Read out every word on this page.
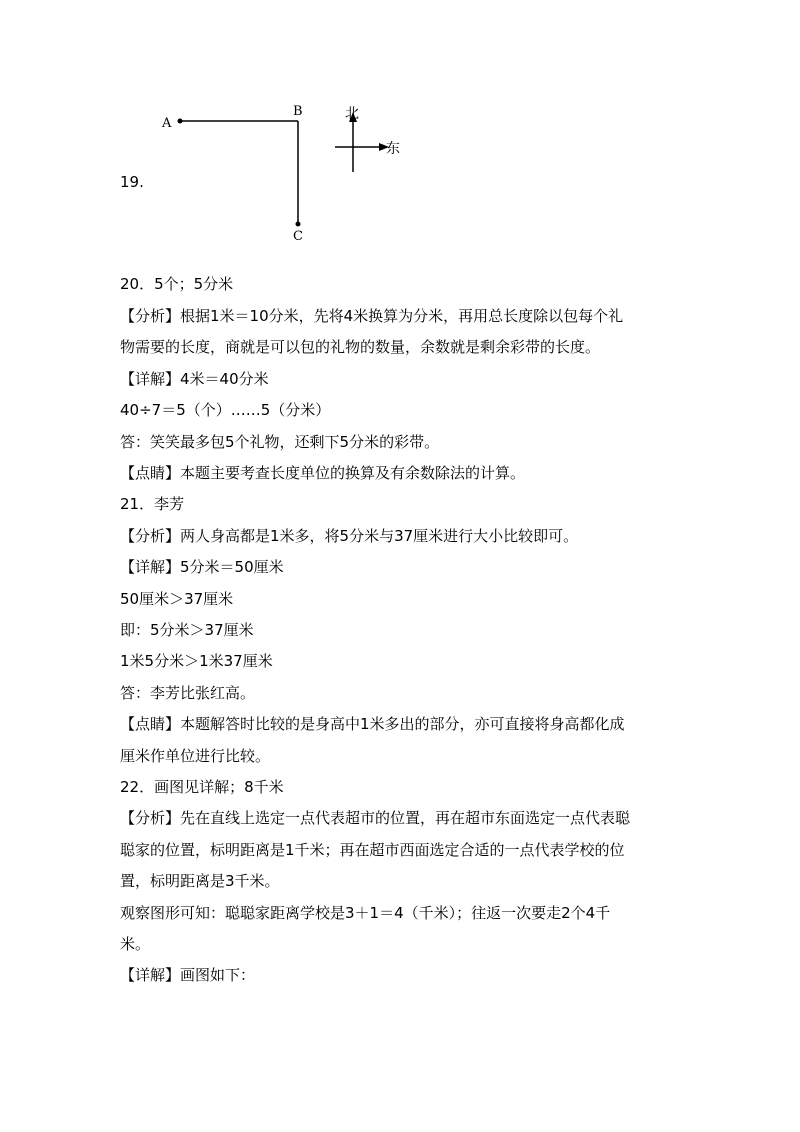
A
B
C
北
东
19.
20．5个；5分米
【分析】根据1米＝10分米，先将4米换算为分米，再用总长度除以包每个礼
物需要的长度，商就是可以包的礼物的数量，余数就是剩余彩带的长度。
【详解】4米＝40分米
40÷7＝5（个）……5（分米）
答：笑笑最多包5个礼物，还剩下5分米的彩带。
【点睛】本题主要考查长度单位的换算及有余数除法的计算。
21．李芳
【分析】两人身高都是1米多，将5分米与37厘米进行大小比较即可。
【详解】5分米＝50厘米
50厘米＞37厘米
即：5分米＞37厘米
1米5分米＞1米37厘米
答：李芳比张红高。
【点睛】本题解答时比较的是身高中1米多出的部分，亦可直接将身高都化成
厘米作单位进行比较。
22．画图见详解；8千米
【分析】先在直线上选定一点代表超市的位置，再在超市东面选定一点代表聪
聪家的位置，标明距离是1千米；再在超市西面选定合适的一点代表学校的位
置，标明距离是3千米。
观察图形可知：聪聪家距离学校是3＋1＝4（千米）；往返一次要走2个4千
米。
【详解】画图如下：
